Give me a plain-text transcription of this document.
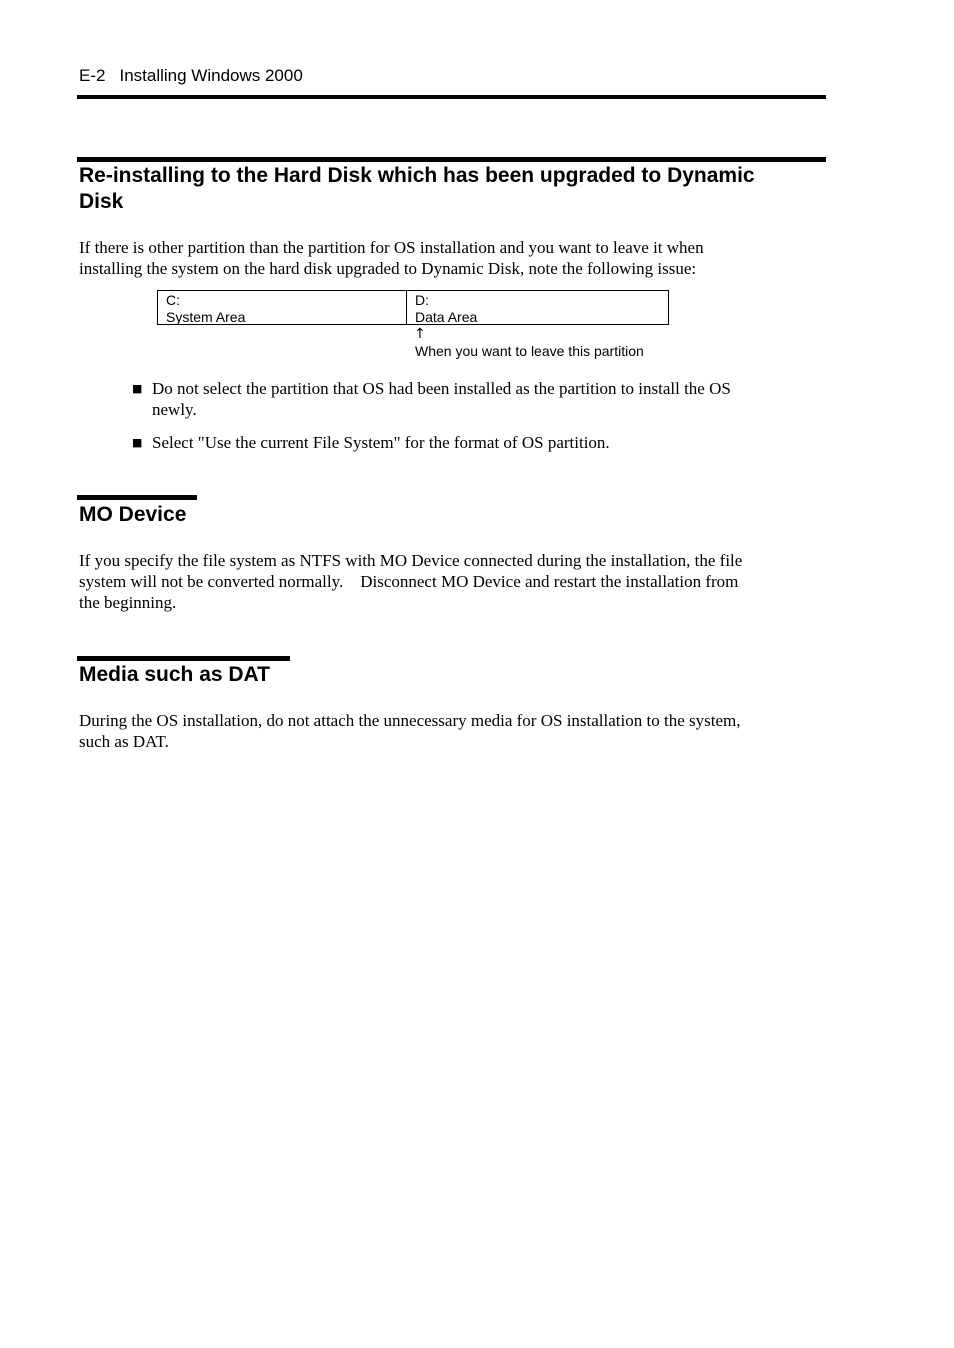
E-2 Installing Windows 2000
Re-installing to the Hard Disk which has been upgraded to Dynamic
Disk

If there is other partition than the partition for OS installation and you want to leave it when
installing the system on the hard disk upgraded to Dynamic Disk, note the following issue:

C:
System Area
D:
Data Area
↑
When you want to leave this partition
■ Do not select the partition that OS had been installed as the partition to install the OS
newly.
■ Select "Use the current File System" for the format of OS partition.
MO Device

If you specify the file system as NTFS with MO Device connected during the installation, the file
system will not be converted normally.　Disconnect MO Device and restart the installation from
the beginning.

Media such as DAT

During the OS installation, do not attach the unnecessary media for OS installation to the system,
such as DAT.
